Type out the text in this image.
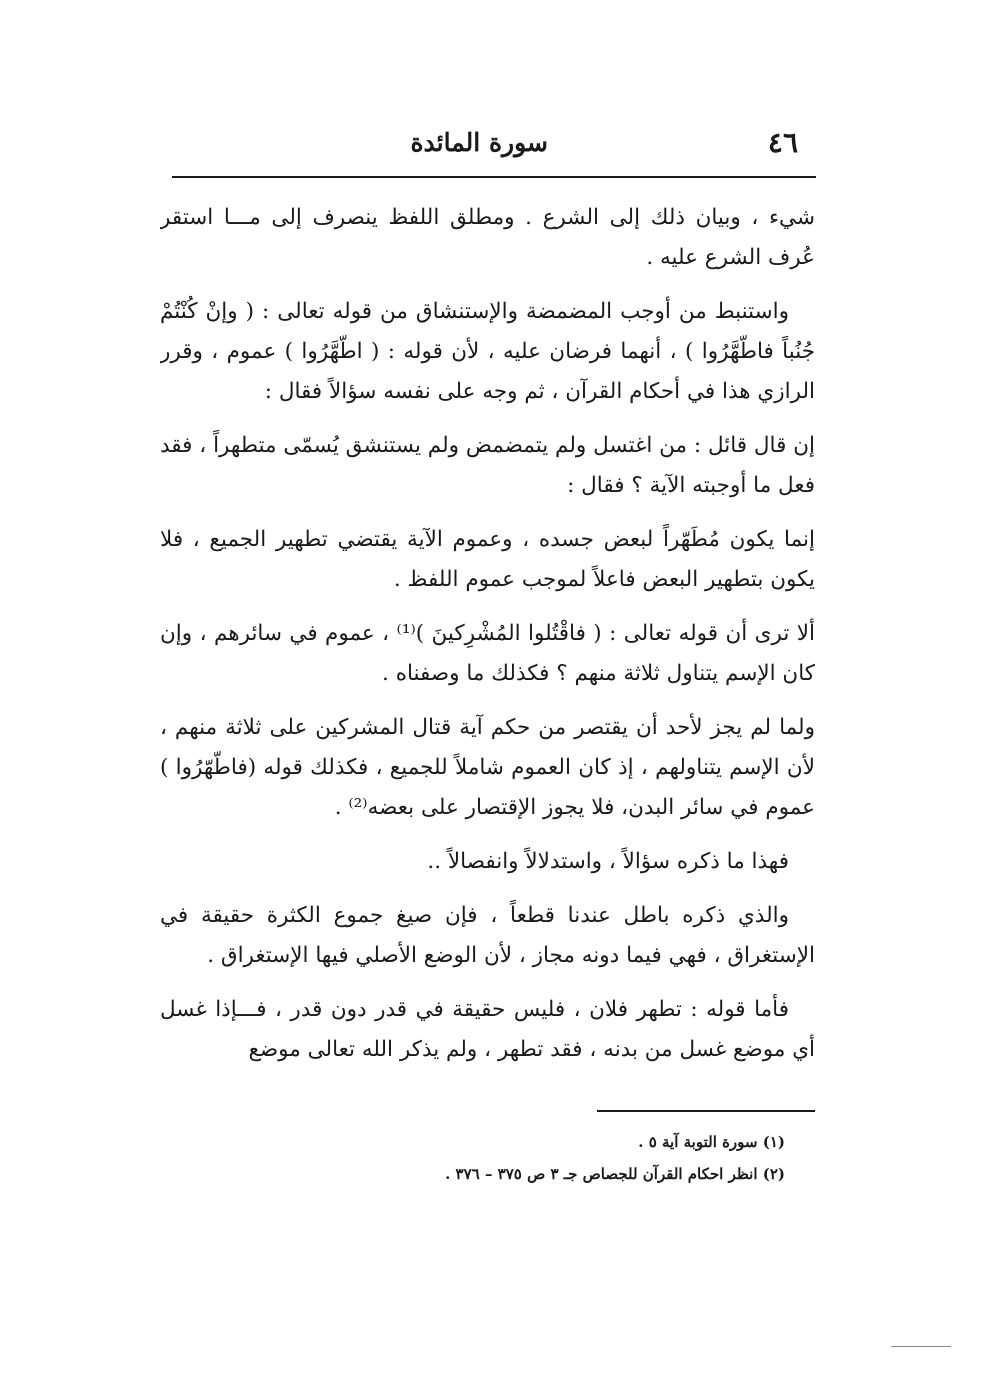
٤٦
سورة المائدة

شيء ، وبيان ذلك إلى الشرع . ومطلق اللفظ ينصرف إلى مـــا استقر عُرف الشرع عليه .

واستنبط من أوجب المضمضة والإستنشاق من قوله تعالى : ( وإنْ كُنْتُمْ جُنُباً فاطّهَّرُوا ) ، أنهما فرضان عليه ، لأن قوله : ( اطّهَّرُوا ) عموم ، وقرر الرازي هذا في أحكام القرآن ، ثم وجه على نفسه سؤالاً فقال :

إن قال قائل : من اغتسل ولم يتمضمض ولم يستنشق يُسمّى متطهراً ، فقد فعل ما أوجبته الآية ؟ فقال :

إنما يكون مُطَهّراً لبعض جسده ، وعموم الآية يقتضي تطهير الجميع ، فلا يكون بتطهير البعض فاعلاً لموجب عموم اللفظ .

ألا ترى أن قوله تعالى : ( فاقْتُلوا المُشْرِكينَ )⁽¹⁾ ، عموم في سائرهم ، وإن كان الإسم يتناول ثلاثة منهم ؟ فكذلك ما وصفناه .

ولما لم يجز لأحد أن يقتصر من حكم آية قتال المشركين على ثلاثة منهم ، لأن الإسم يتناولهم ، إذ كان العموم شاملاً للجميع ، فكذلك قوله (فاطّهّرُوا ) عموم في سائر البدن، فلا يجوز الإقتصار على بعضه⁽²⁾ .

فهذا ما ذكره سؤالاً ، واستدلالاً وانفصالاً ..

والذي ذكره باطل عندنا قطعاً ، فإن صيغ جموع الكثرة حقيقة في الإستغراق ، فهي فيما دونه مجاز ، لأن الوضع الأصلي فيها الإستغراق .

فأما قوله : تطهر فلان ، فليس حقيقة في قدر دون قدر ، فـــإذا غسل أي موضع غسل من بدنه ، فقد تطهر ، ولم يذكر الله تعالى موضع

(١) سورة التوبة آية ٥ .

(٢) انظر احكام القرآن للجصاص جـ ٣ ص ٣٧٥ – ٣٧٦ .
